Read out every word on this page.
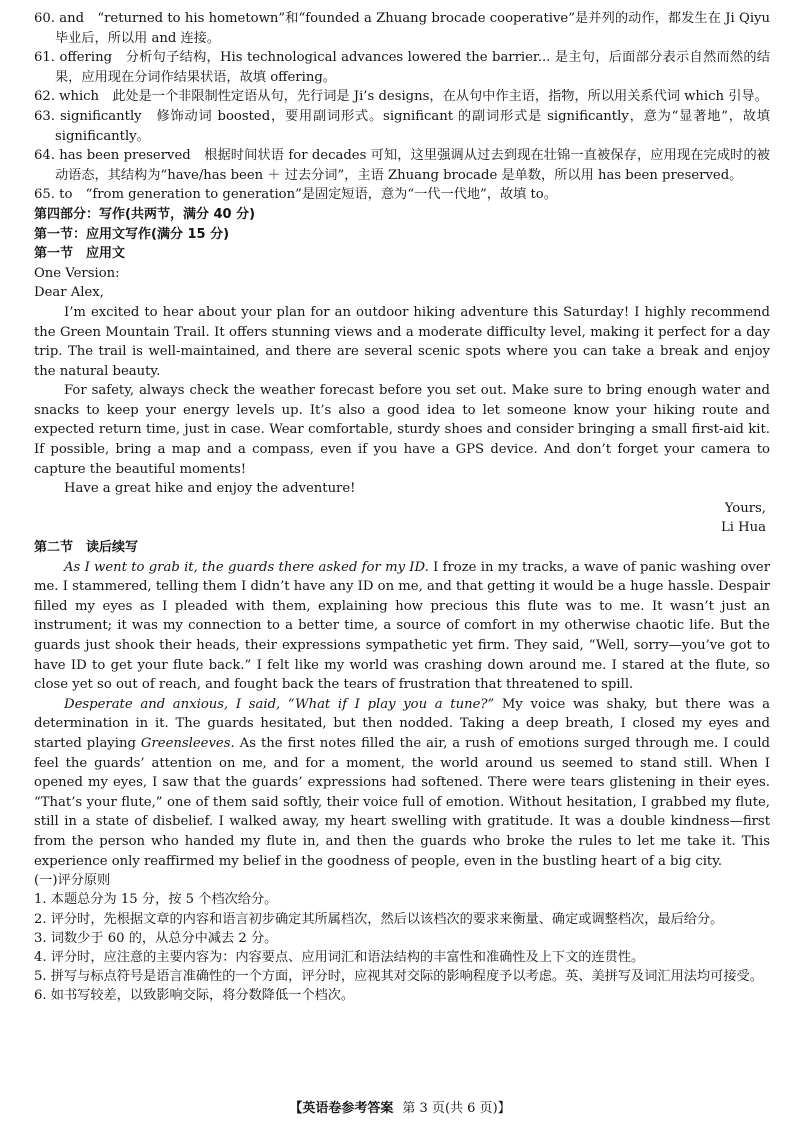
60. and　“returned to his hometown”和“founded a Zhuang brocade cooperative”是并列的动作，都发生在 Ji Qiyu 毕业后，所以用 and 连接。

61. offering　分析句子结构，His technological advances lowered the barrier... 是主句，后面部分表示自然而然的结果，应用现在分词作结果状语，故填 offering。

62. which　此处是一个非限制性定语从句，先行词是 Ji’s designs，在从句中作主语，指物，所以用关系代词 which 引导。

63. significantly　修饰动词 boosted，要用副词形式。significant 的副词形式是 significantly，意为“显著地”，故填 significantly。

64. has been preserved　根据时间状语 for decades 可知，这里强调从过去到现在壮锦一直被保存，应用现在完成时的被动语态，其结构为“have/has been ＋ 过去分词”，主语 Zhuang brocade 是单数，所以用 has been preserved。

65. to　“from generation to generation”是固定短语，意为“一代一代地”，故填 to。

第四部分：写作(共两节，满分 40 分)

第一节：应用文写作(满分 15 分)

第一节　应用文

One Version:

Dear Alex,

I’m excited to hear about your plan for an outdoor hiking adventure this Saturday! I highly recommend the Green Mountain Trail. It offers stunning views and a moderate difficulty level, making it perfect for a day trip. The trail is well-maintained, and there are several scenic spots where you can take a break and enjoy the natural beauty.

For safety, always check the weather forecast before you set out. Make sure to bring enough water and snacks to keep your energy levels up. It’s also a good idea to let someone know your hiking route and expected return time, just in case. Wear comfortable, sturdy shoes and consider bringing a small first-aid kit. If possible, bring a map and a compass, even if you have a GPS device. And don’t forget your camera to capture the beautiful moments!

Have a great hike and enjoy the adventure!

Yours,

Li Hua

第二节　读后续写

As I went to grab it, the guards there asked for my ID. I froze in my tracks, a wave of panic washing over me. I stammered, telling them I didn’t have any ID on me, and that getting it would be a huge hassle. Despair filled my eyes as I pleaded with them, explaining how precious this flute was to me. It wasn’t just an instrument; it was my connection to a better time, a source of comfort in my otherwise chaotic life. But the guards just shook their heads, their expressions sympathetic yet firm. They said, “Well, sorry—you’ve got to have ID to get your flute back.” I felt like my world was crashing down around me. I stared at the flute, so close yet so out of reach, and fought back the tears of frustration that threatened to spill.

Desperate and anxious, I said, “What if I play you a tune?” My voice was shaky, but there was a determination in it. The guards hesitated, but then nodded. Taking a deep breath, I closed my eyes and started playing Greensleeves. As the first notes filled the air, a rush of emotions surged through me. I could feel the guards’ attention on me, and for a moment, the world around us seemed to stand still. When I opened my eyes, I saw that the guards’ expressions had softened. There were tears glistening in their eyes. “That’s your flute,” one of them said softly, their voice full of emotion. Without hesitation, I grabbed my flute, still in a state of disbelief. I walked away, my heart swelling with gratitude. It was a double kindness—first from the person who handed my flute in, and then the guards who broke the rules to let me take it. This experience only reaffirmed my belief in the goodness of people, even in the bustling heart of a big city.

(一)评分原则

1. 本题总分为 15 分，按 5 个档次给分。

2. 评分时，先根据文章的内容和语言初步确定其所属档次，然后以该档次的要求来衡量、确定或调整档次，最后给分。

3. 词数少于 60 的，从总分中减去 2 分。

4. 评分时，应注意的主要内容为：内容要点、应用词汇和语法结构的丰富性和准确性及上下文的连贯性。

5. 拼写与标点符号是语言准确性的一个方面，评分时，应视其对交际的影响程度予以考虑。英、美拼写及词汇用法均可接受。

6. 如书写较差，以致影响交际，将分数降低一个档次。

【英语卷参考答案 第 3 页(共 6 页)】
